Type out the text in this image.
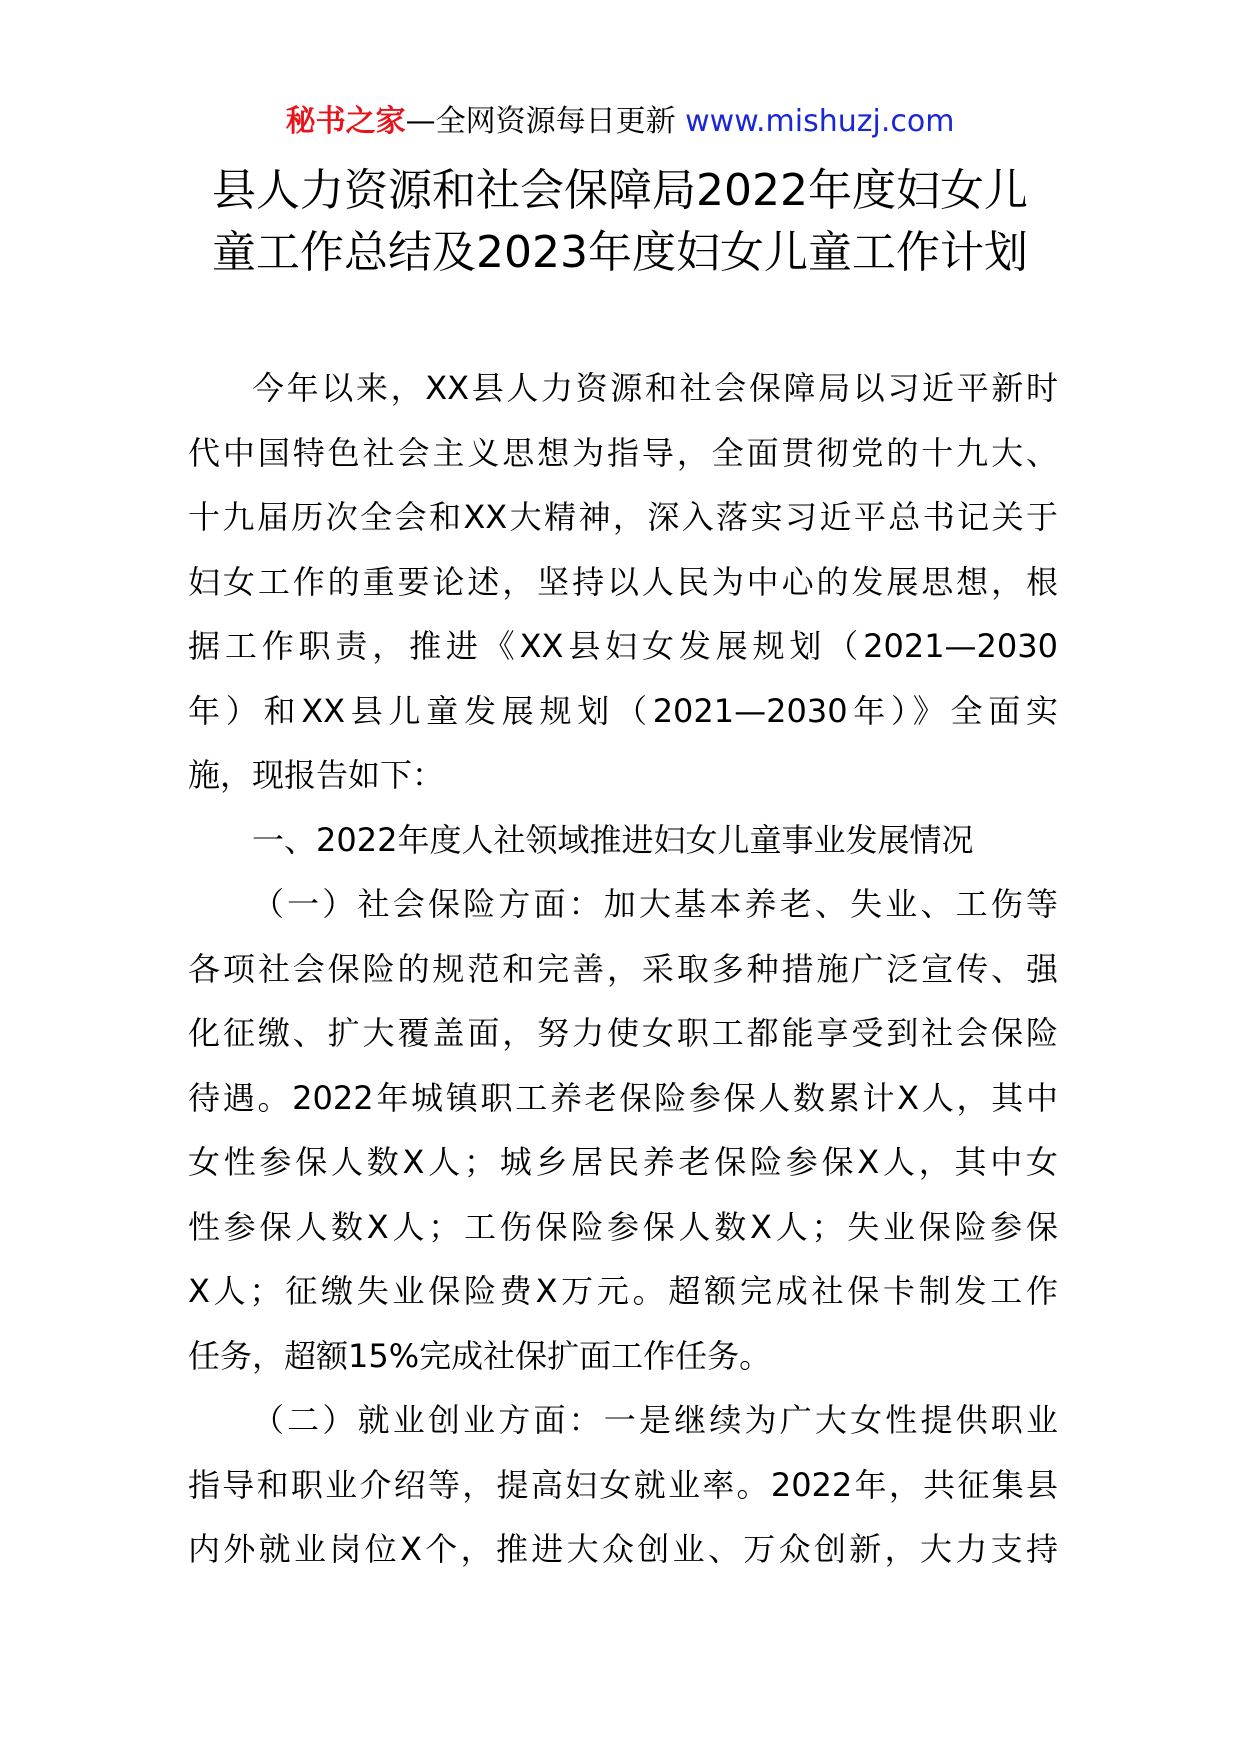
秘书之家—全网资源每日更新 www.mishuzj.com
县人力资源和社会保障局2022年度妇女儿
童工作总结及2023年度妇女儿童工作计划
今年以来，XX县人力资源和社会保障局以习近平新时
代中国特色社会主义思想为指导，全面贯彻党的十九大、
十九届历次全会和XX大精神，深入落实习近平总书记关于
妇女工作的重要论述，坚持以人民为中心的发展思想，根
据工作职责，推进《XX县妇女发展规划（2021—2030
年）和XX县儿童发展规划（2021—2030年）》全面实
施，现报告如下：
一、2022年度人社领域推进妇女儿童事业发展情况
（一）社会保险方面：加大基本养老、失业、工伤等
各项社会保险的规范和完善，采取多种措施广泛宣传、强
化征缴、扩大覆盖面，努力使女职工都能享受到社会保险
待遇。2022年城镇职工养老保险参保人数累计X人，其中
女性参保人数X人；城乡居民养老保险参保X人，其中女
性参保人数X人；工伤保险参保人数X人；失业保险参保
X人；征缴失业保险费X万元。超额完成社保卡制发工作
任务，超额15%完成社保扩面工作任务。
（二）就业创业方面：一是继续为广大女性提供职业
指导和职业介绍等，提高妇女就业率。2022年，共征集县
内外就业岗位X个，推进大众创业、万众创新，大力支持
